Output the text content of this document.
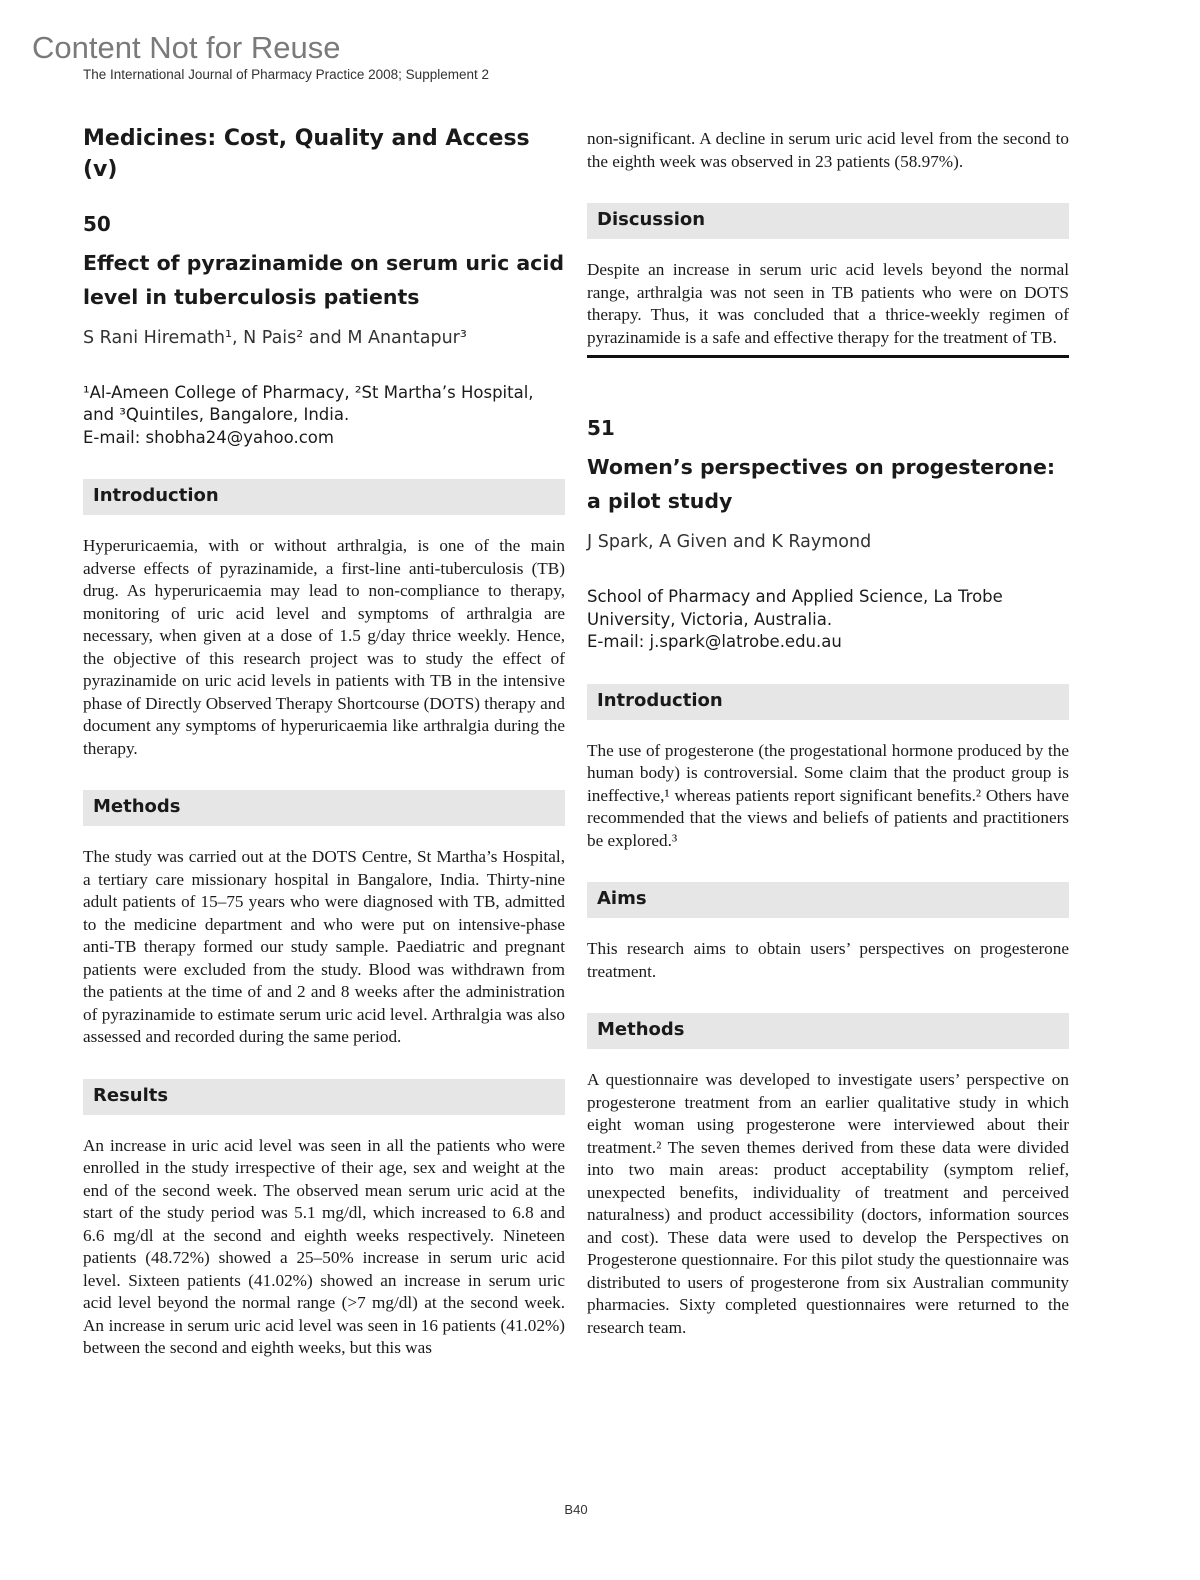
Content Not for Reuse
The International Journal of Pharmacy Practice 2008; Supplement 2
Medicines: Cost, Quality and Access (v)
50
Effect of pyrazinamide on serum uric acid level in tuberculosis patients
S Rani Hiremath¹, N Pais² and M Anantapur³
¹Al-Ameen College of Pharmacy, ²St Martha’s Hospital,
and ³Quintiles, Bangalore, India.
E-mail: shobha24@yahoo.com
Introduction

Hyperuricaemia, with or without arthralgia, is one of the main adverse effects of pyrazinamide, a first-line anti-tuberculosis (TB) drug. As hyperuricaemia may lead to non-compliance to therapy, monitoring of uric acid level and symptoms of arthralgia are necessary, when given at a dose of 1.5 g/day thrice weekly. Hence, the objective of this research project was to study the effect of pyrazinamide on uric acid levels in patients with TB in the intensive phase of Directly Observed Therapy Shortcourse (DOTS) therapy and document any symptoms of hyperuricaemia like arthralgia during the therapy.

Methods

The study was carried out at the DOTS Centre, St Martha’s Hospital, a tertiary care missionary hospital in Bangalore, India. Thirty-nine adult patients of 15–75 years who were diagnosed with TB, admitted to the medicine department and who were put on intensive-phase anti-TB therapy formed our study sample. Paediatric and pregnant patients were excluded from the study. Blood was withdrawn from the patients at the time of and 2 and 8 weeks after the administration of pyrazinamide to estimate serum uric acid level. Arthralgia was also assessed and recorded during the same period.

Results

An increase in uric acid level was seen in all the patients who were enrolled in the study irrespective of their age, sex and weight at the end of the second week. The observed mean serum uric acid at the start of the study period was 5.1 mg/dl, which increased to 6.8 and 6.6 mg/dl at the second and eighth weeks respectively. Nineteen patients (48.72%) showed a 25–50% increase in serum uric acid level. Sixteen patients (41.02%) showed an increase in serum uric acid level beyond the normal range (>7 mg/dl) at the second week. An increase in serum uric acid level was seen in 16 patients (41.02%) between the second and eighth weeks, but this was

non-significant. A decline in serum uric acid level from the second to the eighth week was observed in 23 patients (58.97%).

Discussion

Despite an increase in serum uric acid levels beyond the normal range, arthralgia was not seen in TB patients who were on DOTS therapy. Thus, it was concluded that a thrice-weekly regimen of pyrazinamide is a safe and effective therapy for the treatment of TB.

51
Women’s perspectives on progesterone: a pilot study
J Spark, A Given and K Raymond
School of Pharmacy and Applied Science, La Trobe
University, Victoria, Australia.
E-mail: j.spark@latrobe.edu.au
Introduction

The use of progesterone (the progestational hormone produced by the human body) is controversial. Some claim that the product group is ineffective,¹ whereas patients report significant benefits.² Others have recommended that the views and beliefs of patients and practitioners be explored.³

Aims

This research aims to obtain users’ perspectives on progesterone treatment.

Methods

A questionnaire was developed to investigate users’ perspective on progesterone treatment from an earlier qualitative study in which eight woman using progesterone were interviewed about their treatment.² The seven themes derived from these data were divided into two main areas: product acceptability (symptom relief, unexpected benefits, individuality of treatment and perceived naturalness) and product accessibility (doctors, information sources and cost). These data were used to develop the Perspectives on Progesterone questionnaire. For this pilot study the questionnaire was distributed to users of progesterone from six Australian community pharmacies. Sixty completed questionnaires were returned to the research team.

B40
